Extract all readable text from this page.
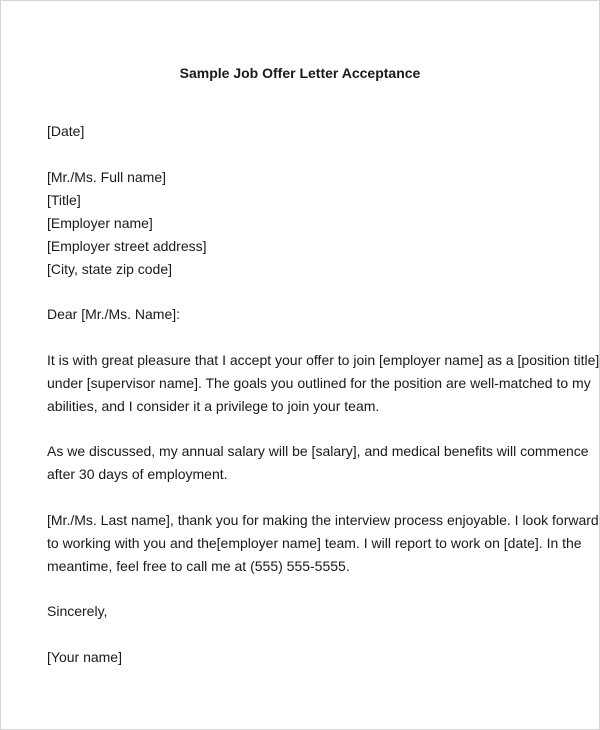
Sample Job Offer Letter Acceptance
[Date]
[Mr./Ms. Full name]
[Title]
[Employer name]
[Employer street address]
[City, state zip code]
Dear [Mr./Ms. Name]:
It is with great pleasure that I accept your offer to join [employer name] as a [position title]
under [supervisor name]. The goals you outlined for the position are well-matched to my
abilities, and I consider it a privilege to join your team.
As we discussed, my annual salary will be [salary], and medical benefits will commence
after 30 days of employment.
[Mr./Ms. Last name], thank you for making the interview process enjoyable. I look forward
to working with you and the[employer name] team. I will report to work on [date]. In the
meantime, feel free to call me at (555) 555-5555.
Sincerely,
[Your name]
